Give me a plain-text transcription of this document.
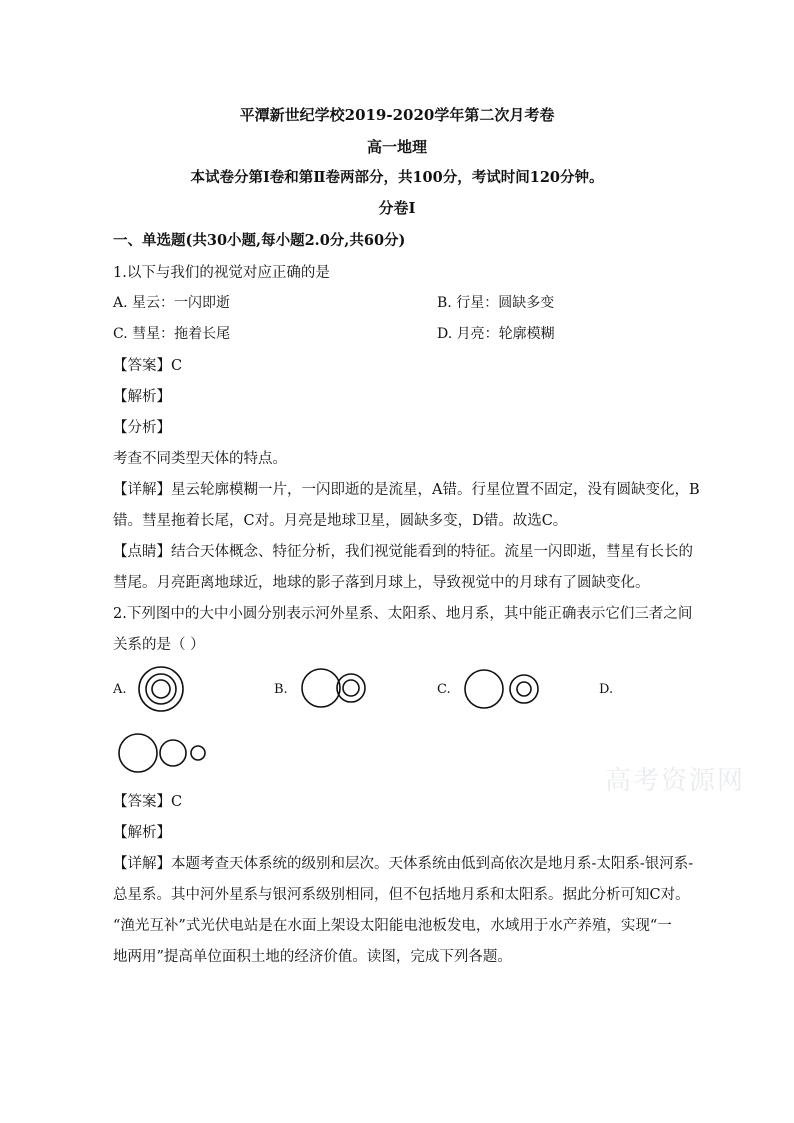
平潭新世纪学校2019-2020学年第二次月考卷
高一地理
本试卷分第Ⅰ卷和第Ⅱ卷两部分，共100分，考试时间120分钟。
分卷I
一、单选题(共30小题,每小题2.0分,共60分)
1.以下与我们的视觉对应正确的是
A. 星云：一闪即逝	B. 行星：圆缺多变
C. 彗星：拖着长尾	D. 月亮：轮廓模糊
【答案】C
【解析】
【分析】
考查不同类型天体的特点。
【详解】星云轮廓模糊一片，一闪即逝的是流星，A错。行星位置不固定，没有圆缺变化，B
错。彗星拖着长尾，C对。月亮是地球卫星，圆缺多变，D错。故选C。
【点睛】结合天体概念、特征分析，我们视觉能看到的特征。流星一闪即逝，彗星有长长的
彗尾。月亮距离地球近，地球的影子落到月球上，导致视觉中的月球有了圆缺变化。
2.下列图中的大中小圆分别表示河外星系、太阳系、地月系，其中能正确表示它们三者之间
关系的是（ ）
A.	B.	C.	D.
【答案】C
【解析】
【详解】本题考查天体系统的级别和层次。天体系统由低到高依次是地月系-太阳系-银河系-
总星系。其中河外星系与银河系级别相同，但不包括地月系和太阳系。据此分析可知C对。
“渔光互补”式光伏电站是在水面上架设太阳能电池板发电，水域用于水产养殖，实现“一
地两用”提高单位面积土地的经济价值。读图，完成下列各题。
高考资源网
